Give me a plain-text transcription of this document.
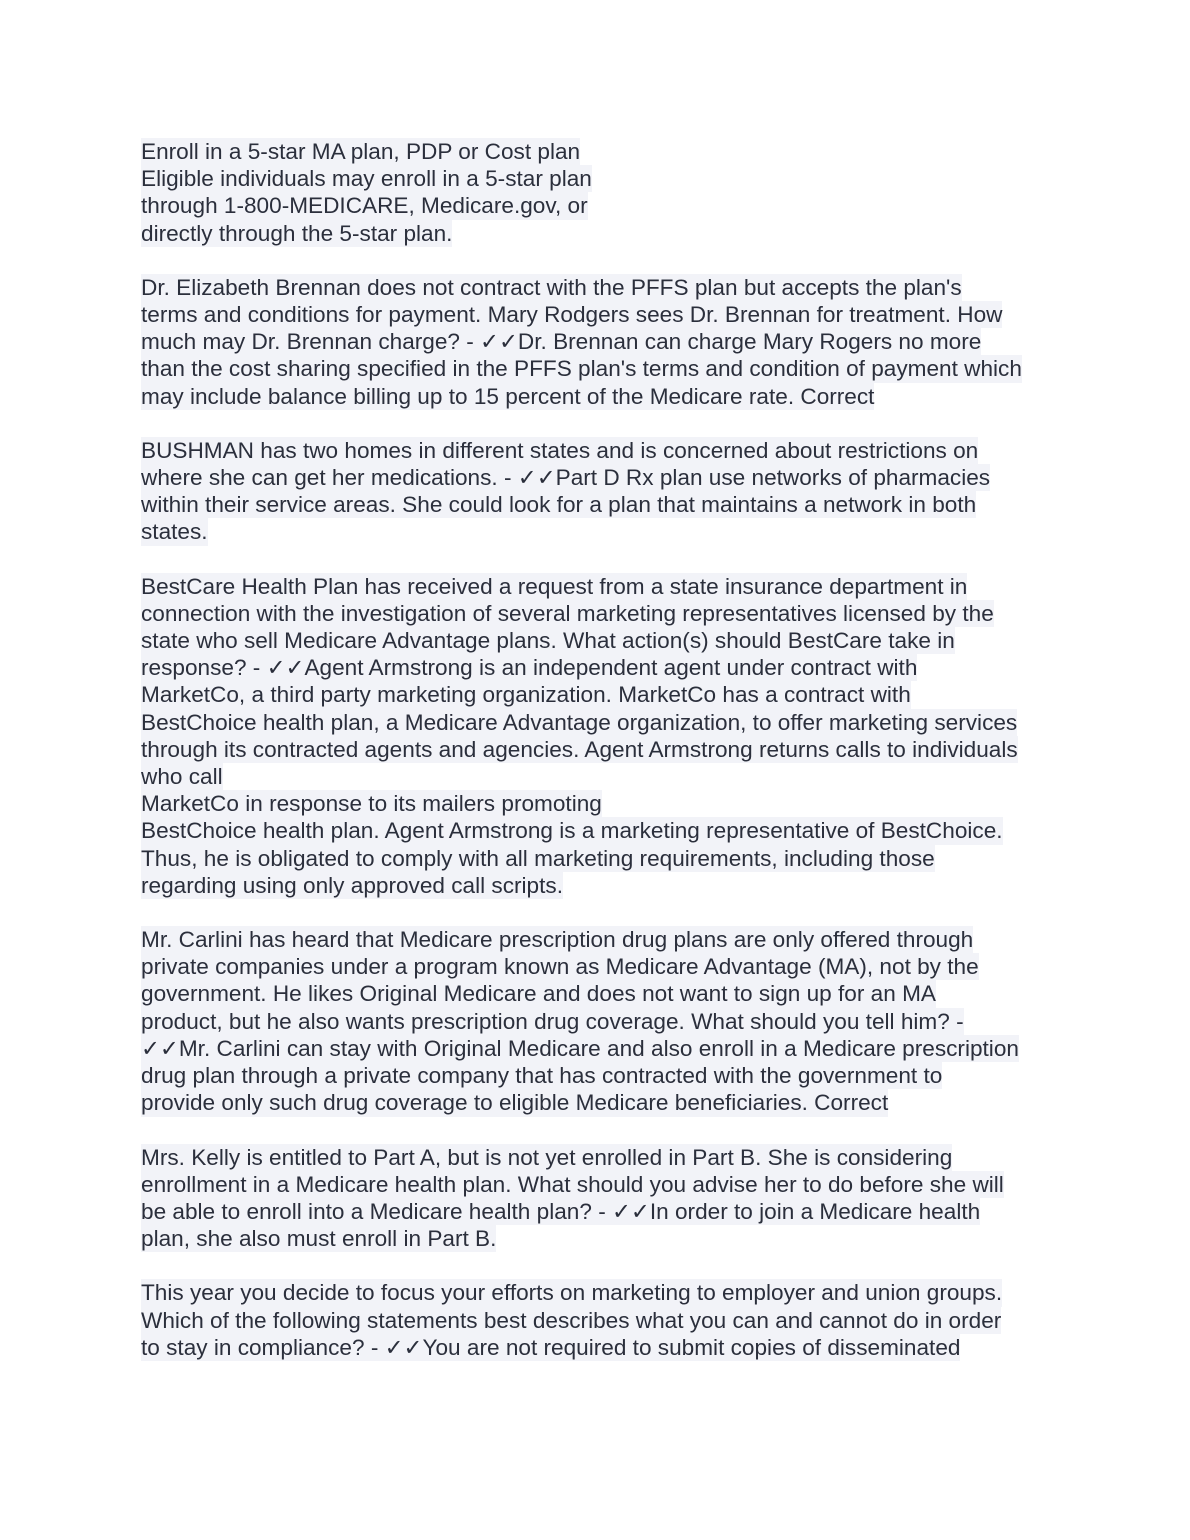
Enroll in a 5-star MA plan, PDP or Cost plan
Eligible individuals may enroll in a 5-star plan
through 1-800-MEDICARE, Medicare.gov, or
directly through the 5-star plan.
Dr. Elizabeth Brennan does not contract with the PFFS plan but accepts the plan's
terms and conditions for payment. Mary Rodgers sees Dr. Brennan for treatment. How
much may Dr. Brennan charge? - ✓✓Dr. Brennan can charge Mary Rogers no more
than the cost sharing specified in the PFFS plan's terms and condition of payment which
may include balance billing up to 15 percent of the Medicare rate. Correct
BUSHMAN has two homes in different states and is concerned about restrictions on
where she can get her medications. - ✓✓Part D Rx plan use networks of pharmacies
within their service areas. She could look for a plan that maintains a network in both
states.
BestCare Health Plan has received a request from a state insurance department in
connection with the investigation of several marketing representatives licensed by the
state who sell Medicare Advantage plans. What action(s) should BestCare take in
response? - ✓✓Agent Armstrong is an independent agent under contract with
MarketCo, a third party marketing organization. MarketCo has a contract with
BestChoice health plan, a Medicare Advantage organization, to offer marketing services
through its contracted agents and agencies. Agent Armstrong returns calls to individuals
who call
MarketCo in response to its mailers promoting
BestChoice health plan. Agent Armstrong is a marketing representative of BestChoice.
Thus, he is obligated to comply with all marketing requirements, including those
regarding using only approved call scripts.
Mr. Carlini has heard that Medicare prescription drug plans are only offered through
private companies under a program known as Medicare Advantage (MA), not by the
government. He likes Original Medicare and does not want to sign up for an MA
product, but he also wants prescription drug coverage. What should you tell him? -
✓✓Mr. Carlini can stay with Original Medicare and also enroll in a Medicare prescription
drug plan through a private company that has contracted with the government to
provide only such drug coverage to eligible Medicare beneficiaries. Correct
Mrs. Kelly is entitled to Part A, but is not yet enrolled in Part B. She is considering
enrollment in a Medicare health plan. What should you advise her to do before she will
be able to enroll into a Medicare health plan? - ✓✓In order to join a Medicare health
plan, she also must enroll in Part B.
This year you decide to focus your efforts on marketing to employer and union groups.
Which of the following statements best describes what you can and cannot do in order
to stay in compliance? - ✓✓You are not required to submit copies of disseminated
